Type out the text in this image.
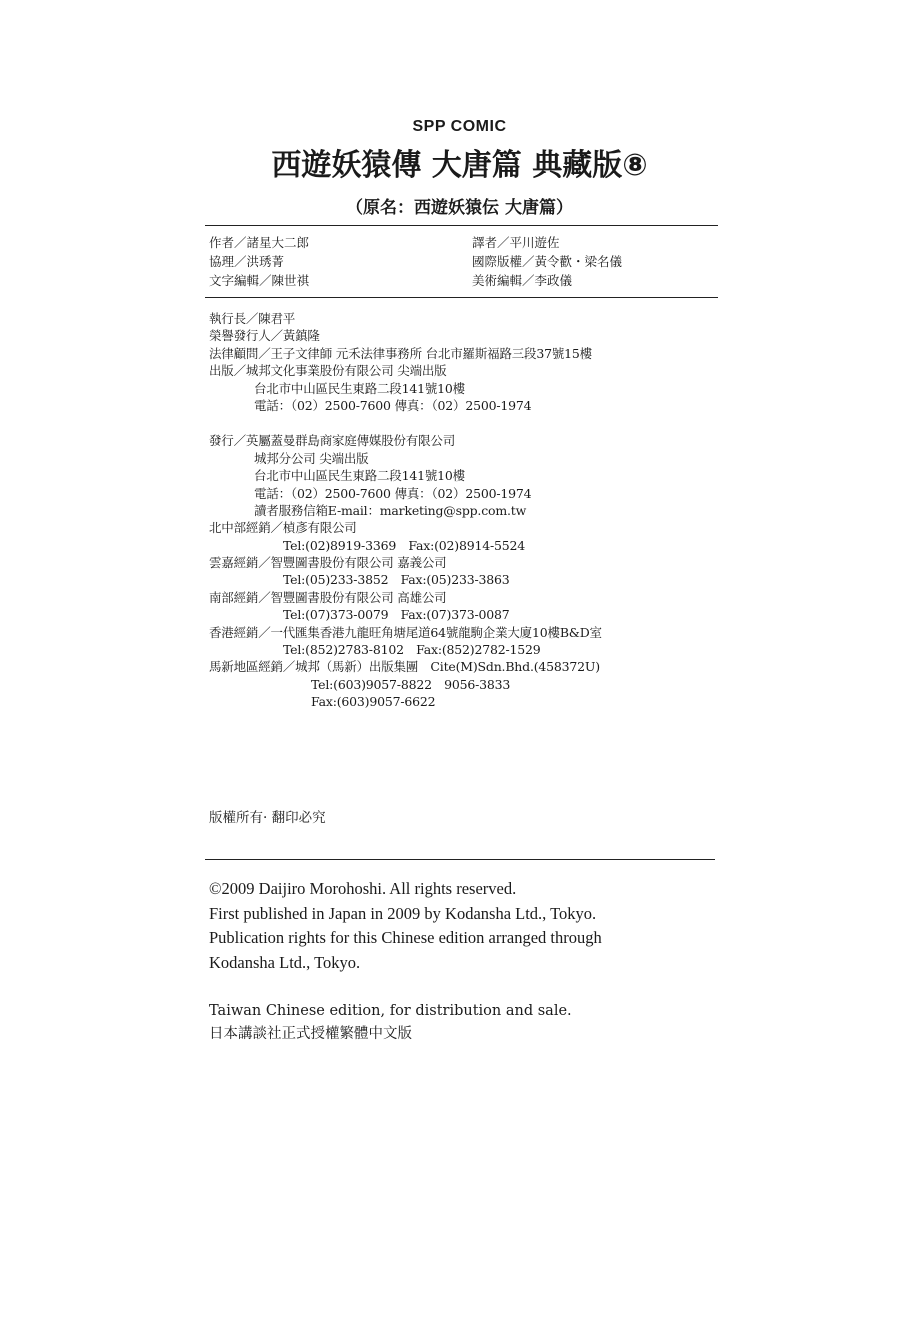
SPP COMIC
西遊妖猿傳 大唐篇 典藏版⑧
（原名：西遊妖猿伝 大唐篇）
作者／諸星大二郎	譯者／平川遊佐
協理／洪琇菁	國際版權／黃令歡・梁名儀
文字編輯／陳世祺	美術編輯／李政儀
執行長／陳君平
榮譽發行人／黃鎮隆
法律顧問／王子文律師 元禾法律事務所 台北市羅斯福路三段37號15樓
出版／城邦文化事業股份有限公司 尖端出版
台北市中山區民生東路二段141號10樓
電話：（02）2500-7600 傳真：（02）2500-1974
發行／英屬蓋曼群島商家庭傳媒股份有限公司
城邦分公司 尖端出版
台北市中山區民生東路二段141號10樓
電話：（02）2500-7600 傳真：（02）2500-1974
讀者服務信箱E-mail：marketing@spp.com.tw
北中部經銷／楨彥有限公司
Tel:(02)8919-3369　Fax:(02)8914-5524
雲嘉經銷／智豐圖書股份有限公司 嘉義公司
Tel:(05)233-3852　Fax:(05)233-3863
南部經銷／智豐圖書股份有限公司 高雄公司
Tel:(07)373-0079　Fax:(07)373-0087
香港經銷／一代匯集香港九龍旺角塘尾道64號龍駒企業大廈10樓B&D室
Tel:(852)2783-8102　Fax:(852)2782-1529
馬新地區經銷／城邦（馬新）出版集團　Cite(M)Sdn.Bhd.(458372U)
Tel:(603)9057-8822　9056-3833
Fax:(603)9057-6622
版權所有· 翻印必究
©2009 Daijiro Morohoshi. All rights reserved.
First published in Japan in 2009 by Kodansha Ltd., Tokyo.
Publication rights for this Chinese edition arranged through
Kodansha Ltd., Tokyo.
Taiwan Chinese edition, for distribution and sale.
日本講談社正式授權繁體中文版
